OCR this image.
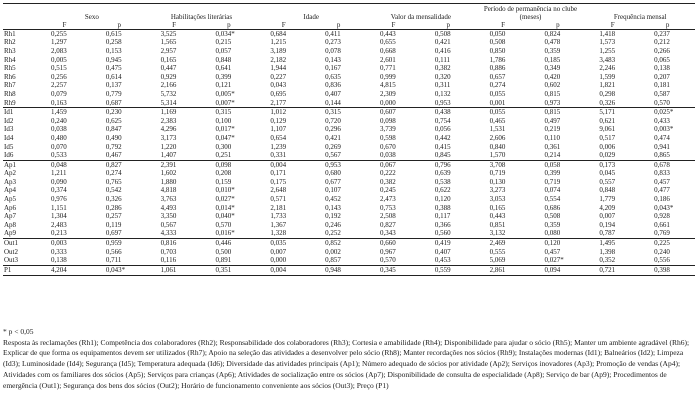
	Sexo		Habilitações literárias		Idade		Valor da mensalidade		Período de permanência no clube (meses)		Frequência mensal	
	F	p	F	p	F	p	F	p	F	p	F	p
Rh1	0,255	0,615	3,525	0,034*	0,684	0,411	0,443	0,508	0,050	0,824	1,418	0,237
Rh2	1,297	0,258	1,565	0,215	1,215	0,273	0,655	0,421	0,508	0,478	1,573	0,212
Rh3	2,083	0,153	2,957	0,057	3,189	0,078	0,668	0,416	0,850	0,359	1,255	0,266
Rh4	0,005	0,945	0,165	0,848	2,182	0,143	2,601	0,111	1,786	0,185	3,483	0,065
Rh5	0,515	0,475	0,447	0,641	1,944	0,167	0,771	0,382	0,886	0,349	2,246	0,138
Rh6	0,256	0,614	0,929	0,399	0,227	0,635	0,999	0,320	0,657	0,420	1,599	0,207
Rh7	2,257	0,137	2,166	0,121	0,043	0,836	4,815	0,311	0,274	0,602	1,821	0,181
Rh8	0,079	0,779	5,732	0,005*	0,695	0,407	2,309	0,132	0,055	0,815	0,298	0,587
Rh9	0,163	0,687	5,314	0,007*	2,177	0,144	0,000	0,953	0,001	0,973	0,326	0,570
Id1	1,459	0,230	1,169	0,315	1,012	0,315	0,607	0,438	0,055	0,815	5,171	0,025*
Id2	0,240	0,625	2,383	0,100	0,129	0,720	0,098	0,754	0,465	0,497	0,621	0,433
Id3	0,038	0,847	4,296	0,017*	1,107	0,296	3,739	0,056	1,531	0,219	9,061	0,003*
Id4	0,480	0,490	3,173	0,047*	0,654	0,421	0,598	0,442	2,606	0,110	0,517	0,474
Id5	0,070	0,792	1,220	0,300	1,239	0,269	0,670	0,415	0,840	0,361	0,006	0,941
Id6	0,533	0,467	1,407	0,251	0,331	0,567	0,038	0,845	1,570	0,214	0,029	0,865
Ap1	0,048	0,827	2,391	0,098	0,004	0,953	0,067	0,796	3,708	0,058	0,173	0,678
Ap2	1,211	0,274	1,602	0,208	0,171	0,680	0,222	0,639	0,719	0,399	0,045	0,833
Ap3	0,090	0,765	1,880	0,159	0,175	0,677	0,382	0,538	0,130	0,719	0,557	0,457
Ap4	0,374	0,542	4,818	0,010*	2,648	0,107	0,245	0,622	3,273	0,074	0,848	0,477
Ap5	0,976	0,326	3,763	0,027*	0,571	0,452	2,473	0,120	3,053	0,554	1,779	0,186
Ap6	1,151	0,286	4,493	0,014*	2,181	0,143	0,753	0,388	0,165	0,686	4,209	0,043*
Ap7	1,304	0,257	3,350	0,040*	1,733	0,192	2,508	0,117	0,443	0,508	0,007	0,928
Ap8	2,483	0,119	0,567	0,570	1,367	0,246	0,827	0,366	0,851	0,359	0,194	0,661
Ap9	0,213	0,697	4,333	0,016*	1,328	0,252	0,343	0,560	3,132	0,080	0,787	0,769
Out1	0,003	0,959	0,816	0,446	0,035	0,852	0,660	0,419	2,469	0,120	1,495	0,225
Out2	0,333	0,566	0,703	0,500	0,007	0,002	0,967	0,407	0,555	0,457	1,398	0,240
Out3	0,138	0,711	0,116	0,891	0,000	0,857	0,570	0,453	5,069	0,027*	0,352	0,556
P1	4,204	0,043*	1,061	0,351	0,004	0,948	0,345	0,559	2,861	0,094	0,721	0,398

* p < 0,05

Resposta às reclamações (Rh1); Competência dos colaboradores (Rh2); Responsabilidade dos colaboradores (Rh3); Cortesia e amabilidade (Rh4); Disponibilidade para ajudar o sócio (Rh5); Manter um ambiente agradável (Rh6); Explicar de que forma os equipamentos devem ser utilizados (Rh7); Apoio na seleção das atividades a desenvolver pelo sócio (Rh8); Manter recordações nos sócios (Rh9); Instalações modernas (Id1); Balneários (Id2); Limpeza (Id3); Luminosidade (Id4); Segurança (Id5); Temperatura adequada (Id6); Diversidade das atividades principais (Ap1); Número adequado de sócios por atividade (Ap2); Serviços inovadores (Ap3); Promoção de vendas (Ap4); Atividades com os familiares dos sócios (Ap5); Serviços para crianças (Ap6); Atividades de socialização entre os sócios (Ap7); Disponibilidade de consulta de especialidade (Ap8); Serviço de bar (Ap9); Procedimentos de emergência (Out1); Segurança dos bens dos sócios (Out2); Horário de funcionamento conveniente aos sócios (Out3); Preço (P1)
